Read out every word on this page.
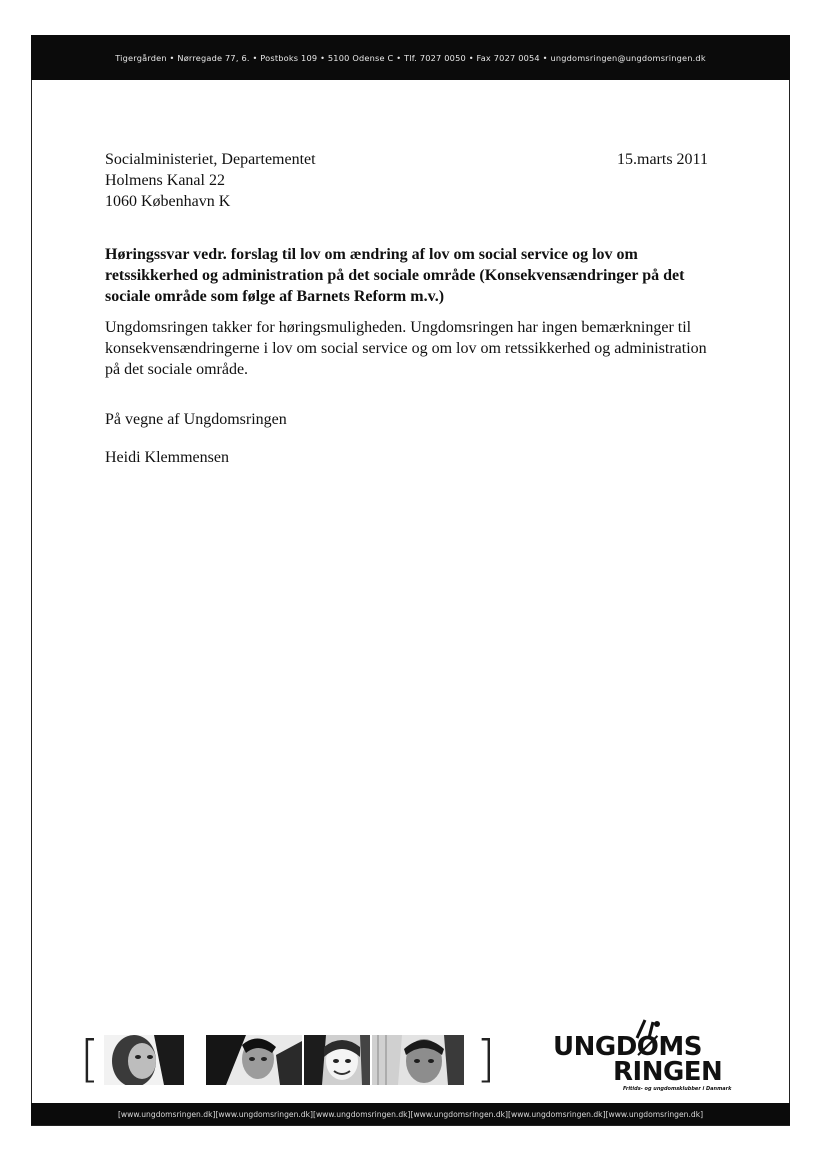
Tigergården • Nørregade 77, 6. • Postboks 109 • 5100 Odense C • Tlf. 7027 0050 • Fax 7027 0054 • ungdomsringen@ungdomsringen.dk
Socialministeriet, Departementet
Holmens Kanal 22
1060 København K
15.marts 2011
Høringssvar vedr. forslag til lov om ændring af lov om social service og lov om
retssikkerhed og administration på det sociale område (Konsekvensændringer på det
sociale område som følge af Barnets Reform m.v.)
Ungdomsringen takker for høringsmuligheden. Ungdomsringen har ingen bemærkninger til
konsekvensændringerne i lov om social service og om lov om retssikkerhed og administration
på det sociale område.
På vegne af Ungdomsringen
Heidi Klemmensen
[	] UNGDØMS
RINGEN
Fritids- og ungdomsklubber i Danmark
[www.ungdomsringen.dk][www.ungdomsringen.dk][www.ungdomsringen.dk][www.ungdomsringen.dk][www.ungdomsringen.dk][www.ungdomsringen.dk]
